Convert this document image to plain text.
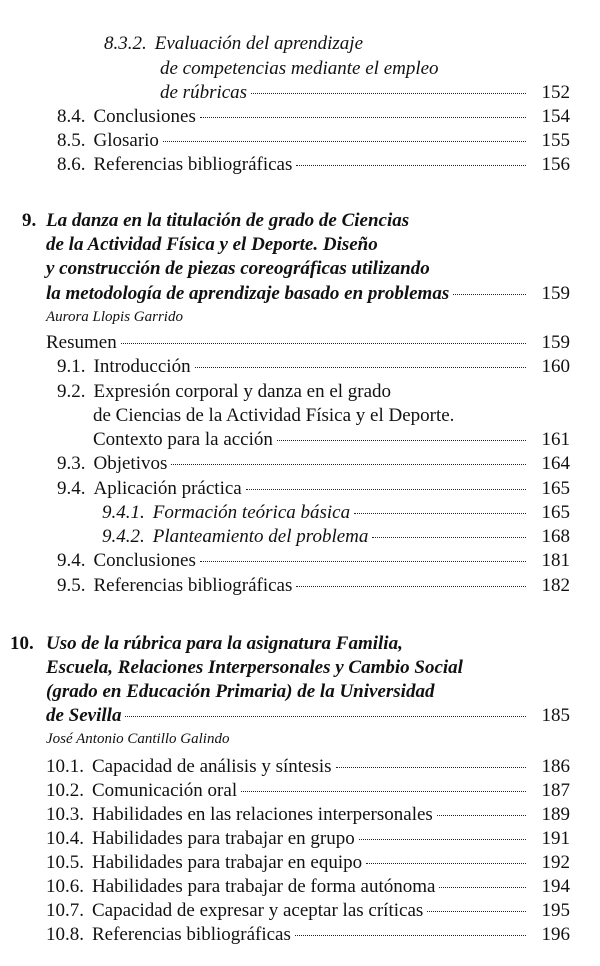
8.3.2. Evaluación del aprendizaje
de competencias mediante el empleo
de rúbricas	152
8.4. Conclusiones	154
8.5. Glosario	155
8.6. Referencias bibliográficas	156
9. La danza en la titulación de grado de Ciencias
de la Actividad Física y el Deporte. Diseño
y construcción de piezas coreográficas utilizando
la metodología de aprendizaje basado en problemas	159
Aurora Llopis Garrido
Resumen	159
9.1. Introducción	160
9.2. Expresión corporal y danza en el grado
de Ciencias de la Actividad Física y el Deporte.
Contexto para la acción	161
9.3. Objetivos	164
9.4. Aplicación práctica	165
9.4.1. Formación teórica básica	165
9.4.2. Planteamiento del problema	168
9.4. Conclusiones	181
9.5. Referencias bibliográficas	182
10. Uso de la rúbrica para la asignatura Familia,
Escuela, Relaciones Interpersonales y Cambio Social
(grado en Educación Primaria) de la Universidad
de Sevilla	185
José Antonio Cantillo Galindo
10.1. Capacidad de análisis y síntesis	186
10.2. Comunicación oral	187
10.3. Habilidades en las relaciones interpersonales	189
10.4. Habilidades para trabajar en grupo	191
10.5. Habilidades para trabajar en equipo	192
10.6. Habilidades para trabajar de forma autónoma	194
10.7. Capacidad de expresar y aceptar las críticas	195
10.8. Referencias bibliográficas	196
